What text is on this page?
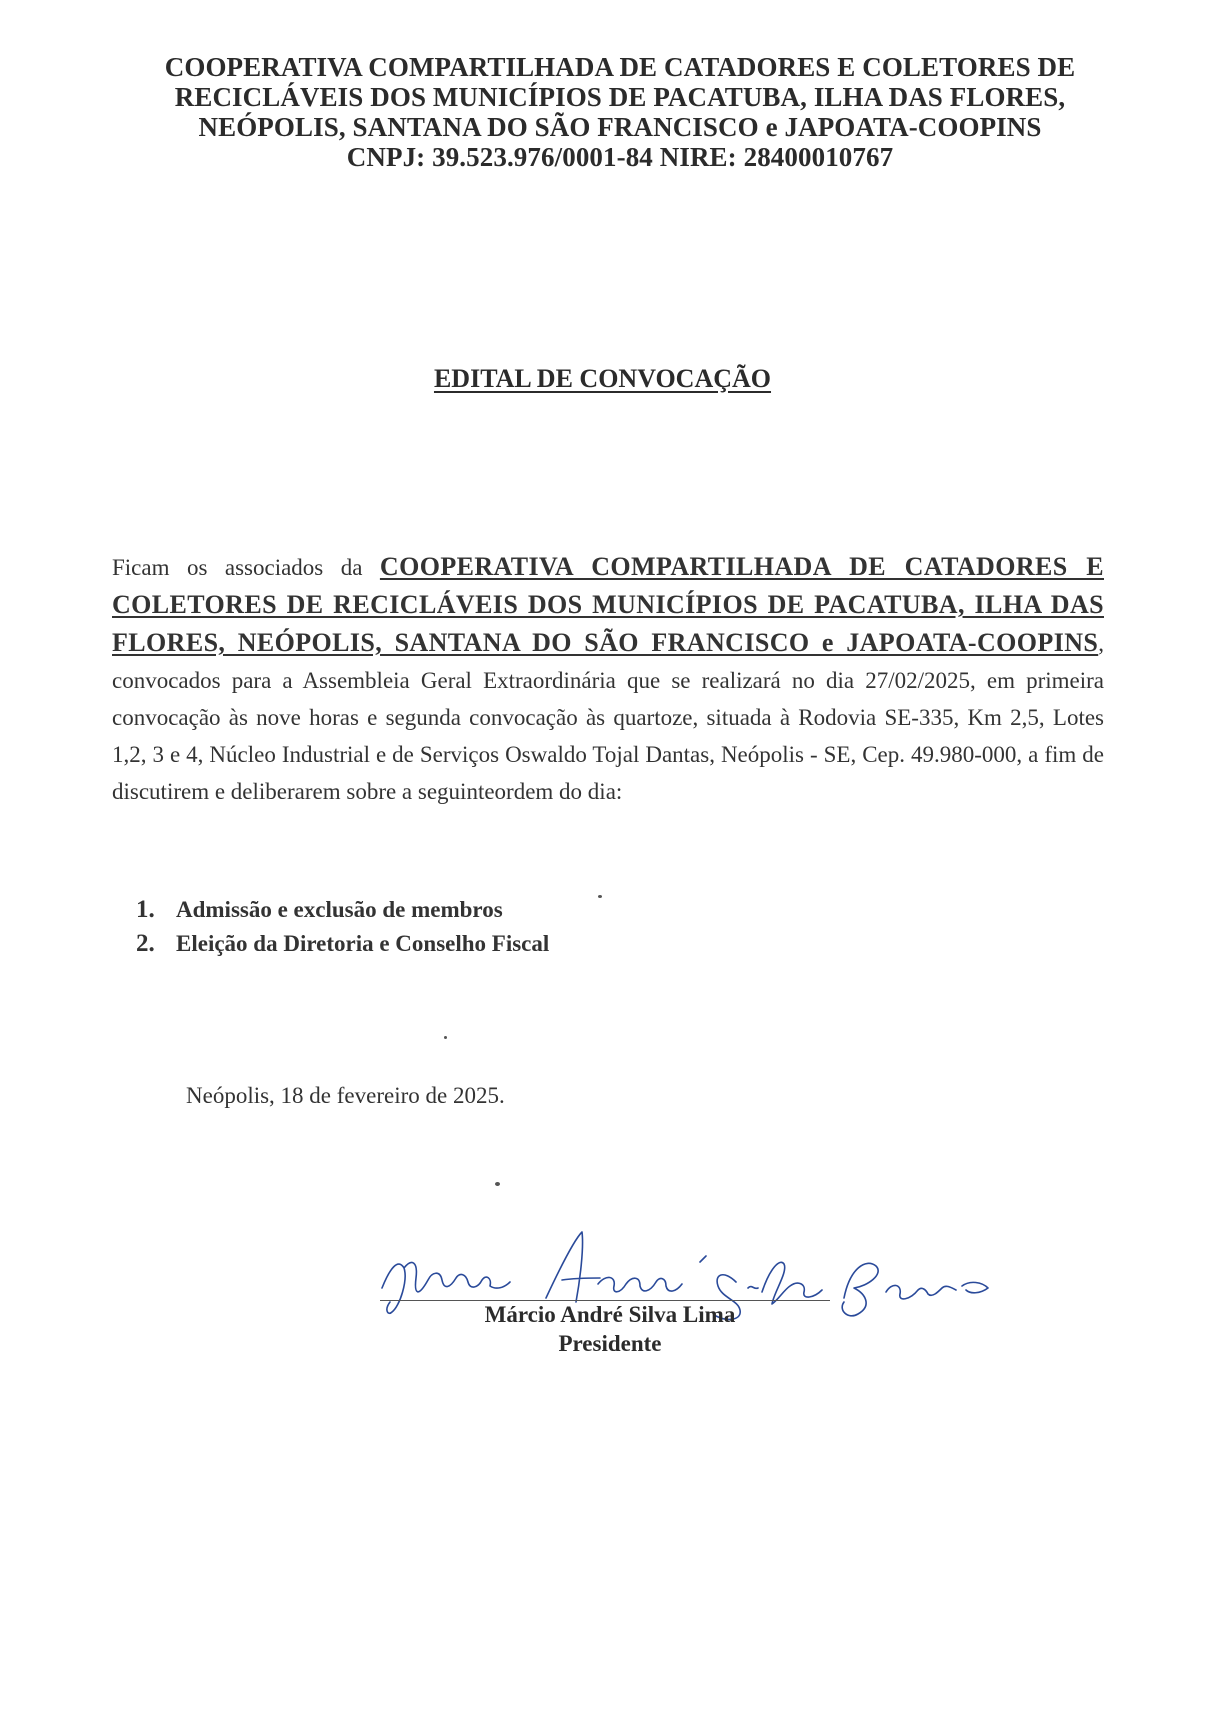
COOPERATIVA COMPARTILHADA DE CATADORES E COLETORES DE
RECICLÁVEIS DOS MUNICÍPIOS DE PACATUBA, ILHA DAS FLORES,
NEÓPOLIS, SANTANA DO SÃO FRANCISCO e JAPOATA-COOPINS
CNPJ: 39.523.976/0001-84 NIRE: 28400010767
EDITAL DE CONVOCAÇÃO
Ficam os associados da COOPERATIVA COMPARTILHADA DE CATADORES E COLETORES DE RECICLÁVEIS DOS MUNICÍPIOS DE PACATUBA, ILHA DAS FLORES, NEÓPOLIS, SANTANA DO SÃO FRANCISCO e JAPOATA-COOPINS, convocados para a Assembleia Geral Extraordinária que se realizará no dia 27/02/2025, em primeira convocação às nove horas e segunda convocação às quartoze, situada à Rodovia SE-335, Km 2,5, Lotes 1,2, 3 e 4, Núcleo Industrial e de Serviços Oswaldo Tojal Dantas, Neópolis - SE, Cep. 49.980-000, a fim de discutirem e deliberarem sobre a seguinteordem do dia:
1. Admissão e exclusão de membros
2. Eleição da Diretoria e Conselho Fiscal
Neópolis, 18 de fevereiro de 2025.
Márcio André Silva Lima
Presidente
